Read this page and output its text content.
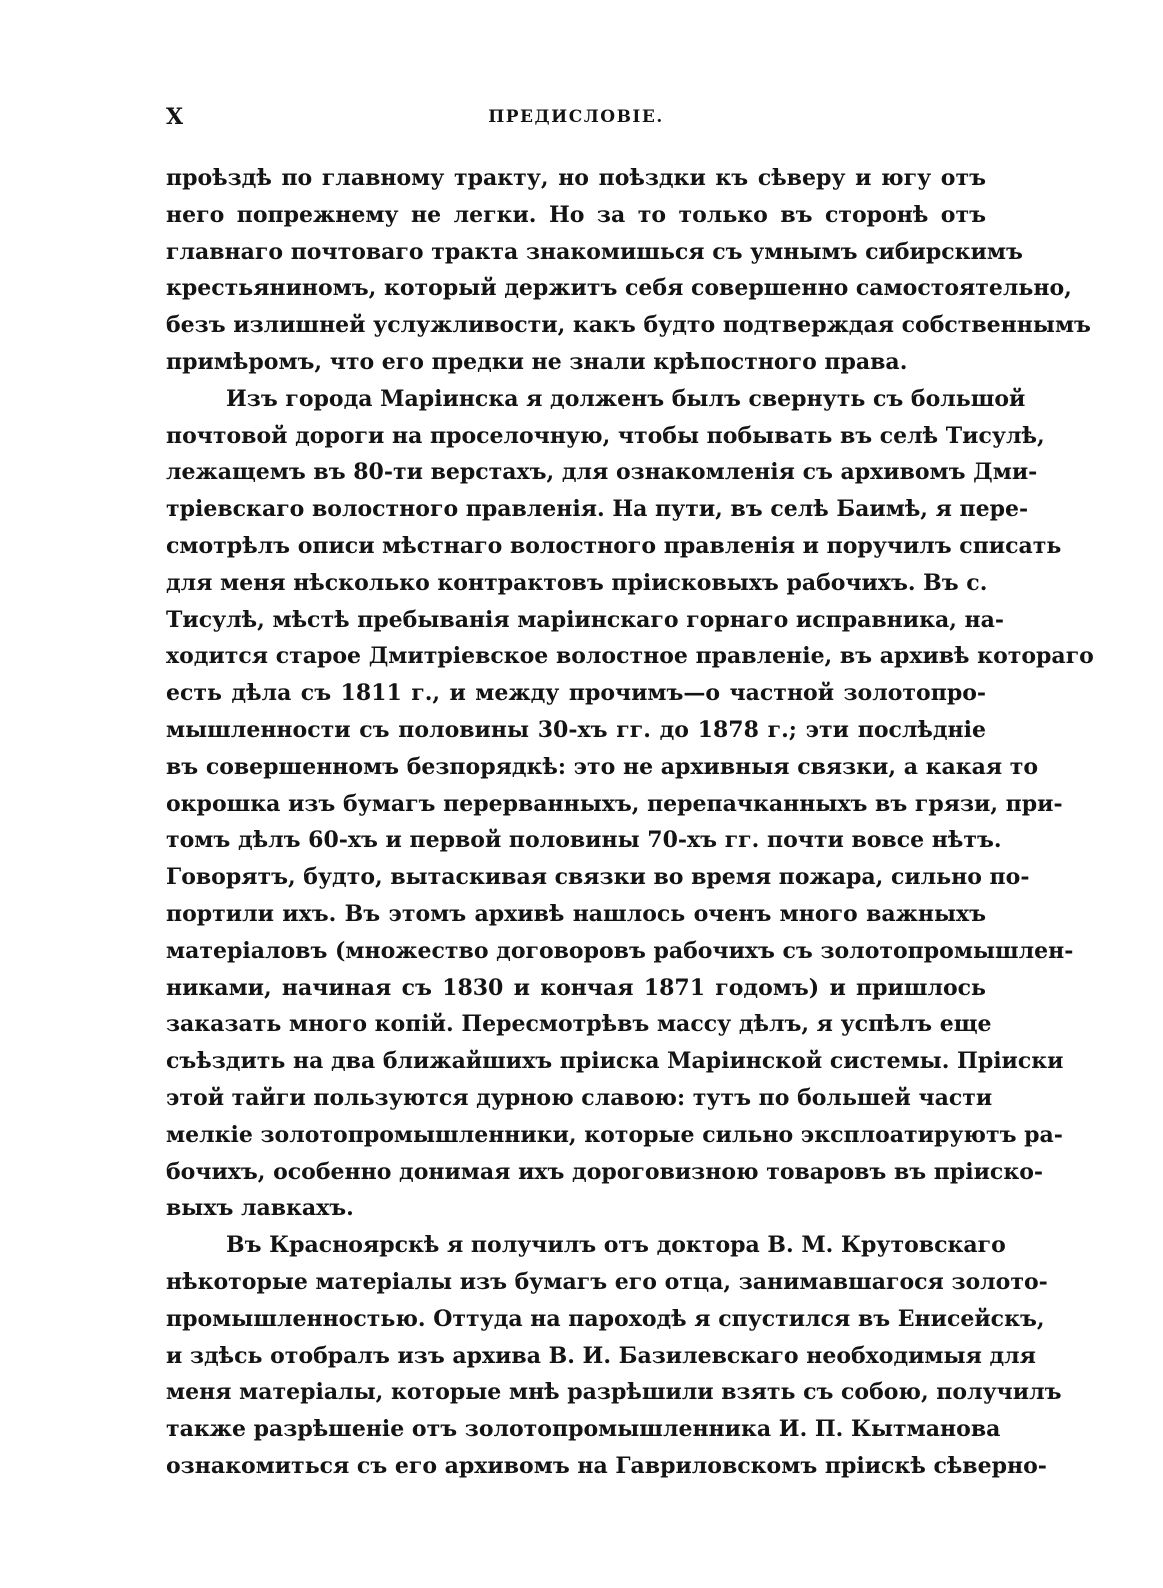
X	ПРЕДИСЛОВІЕ.
проѣздѣ по главному тракту, но поѣздки къ сѣверу и югу отъ
него попрежнему не легки. Но за то только въ сторонѣ отъ
главнаго почтоваго тракта знакомишься съ умнымъ сибирскимъ
крестьяниномъ, который держитъ себя совершенно самостоятельно,
безъ излишней услужливости, какъ будто подтверждая собственнымъ
примѣромъ, что его предки не знали крѣпостного права.
Изъ города Маріинска я долженъ былъ свернуть съ большой
почтовой дороги на проселочную, чтобы побывать въ селѣ Тисулѣ,
лежащемъ въ 80-ти верстахъ, для ознакомленія съ архивомъ Дми-
тріевскаго волостного правленія. На пути, въ селѣ Баимѣ, я пере-
смотрѣлъ описи мѣстнаго волостного правленія и поручилъ списать
для меня нѣсколько контрактовъ пріисковыхъ рабочихъ. Въ с.
Тисулѣ, мѣстѣ пребыванія маріинскаго горнаго исправника, на-
ходится старое Дмитріевское волостное правленіе, въ архивѣ котораго
есть дѣла съ 1811 г., и между прочимъ—о частной золотопро-
мышленности съ половины 30-хъ гг. до 1878 г.; эти послѣдніе
въ совершенномъ безпорядкѣ: это не архивныя связки, а какая то
окрошка изъ бумагъ перерванныхъ, перепачканныхъ въ грязи, при-
томъ дѣлъ 60-хъ и первой половины 70-хъ гг. почти вовсе нѣтъ.
Говорятъ, будто, вытаскивая связки во время пожара, сильно по-
портили ихъ. Въ этомъ архивѣ нашлось оченъ много важныхъ
матеріаловъ (множество договоровъ рабочихъ съ золотопромышлен-
никами, начиная съ 1830 и кончая 1871 годомъ) и пришлось
заказать много копій. Пересмотрѣвъ массу дѣлъ, я успѣлъ еще
съѣздить на два ближайшихъ пріиска Маріинской системы. Пріиски
этой тайги пользуются дурною славою: тутъ по большей части
мелкіе золотопромышленники, которые сильно эксплоатируютъ ра-
бочихъ, особенно донимая ихъ дороговизною товаровъ въ пріиско-
выхъ лавкахъ.
Въ Красноярскѣ я получилъ отъ доктора В. М. Крутовскаго
нѣкоторые матеріалы изъ бумагъ его отца, занимавшагося золото-
промышленностью. Оттуда на пароходѣ я спустился въ Енисейскъ,
и здѣсь отобралъ изъ архива В. И. Базилевскаго необходимыя для
меня матеріалы, которые мнѣ разрѣшили взять съ собою, получилъ
также разрѣшеніе отъ золотопромышленника И. П. Кытманова
ознакомиться съ его архивомъ на Гавриловскомъ пріискѣ сѣверно-
